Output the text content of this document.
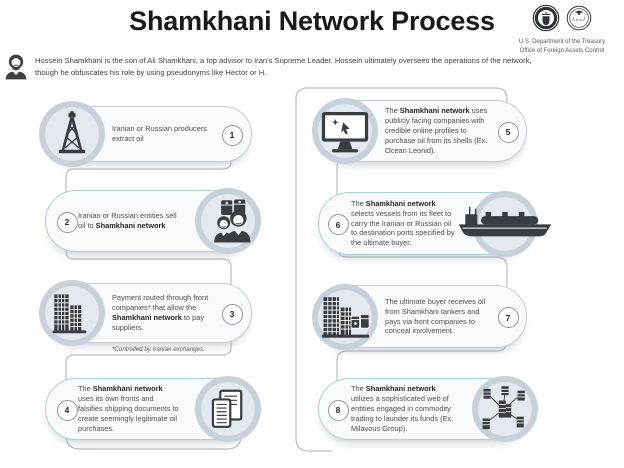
Shamkhani Network Process	O.F.A.C
U.S. Department of the Treasury
Office of Foreign Assets Control

Hossein Shamkhani is the son of Ali Shamkhani, a top advisor to Iran's Supreme Leader. Hossein ultimately oversees the operations of the network, though he obfuscates his role by using pseudonyms like Hector or H.

Iranian or Russian producers extract oil	1

Iranian or Russian entities sell oil to Shamkhani network

2

Payment routed through front companies* that allow the Shamkhani network to pay suppliers.

3
*Controlled by Iranian exchanges.

The Shamkhani network uses its own fronts and falsifies shipping documents to create seemingly legitimate oil purchases.

4

The Shamkhani network uses publicly facing companies with credible online profiles to purchase oil from its shells (Ex. Ocean Leonid).

5

The Shamkhani network selects vessels from its fleet to carry the Iranian or Russian oil to destination ports specified by the ultimate buyer.

6

The ultimate buyer receives oil from Shamkhani tankers and pays via front companies to conceal involvement.

7

The Shamkhani network utilizes a sophisticated web of entities engaged in commodity trading to launder its funds (Ex. Milavous Group).

8
